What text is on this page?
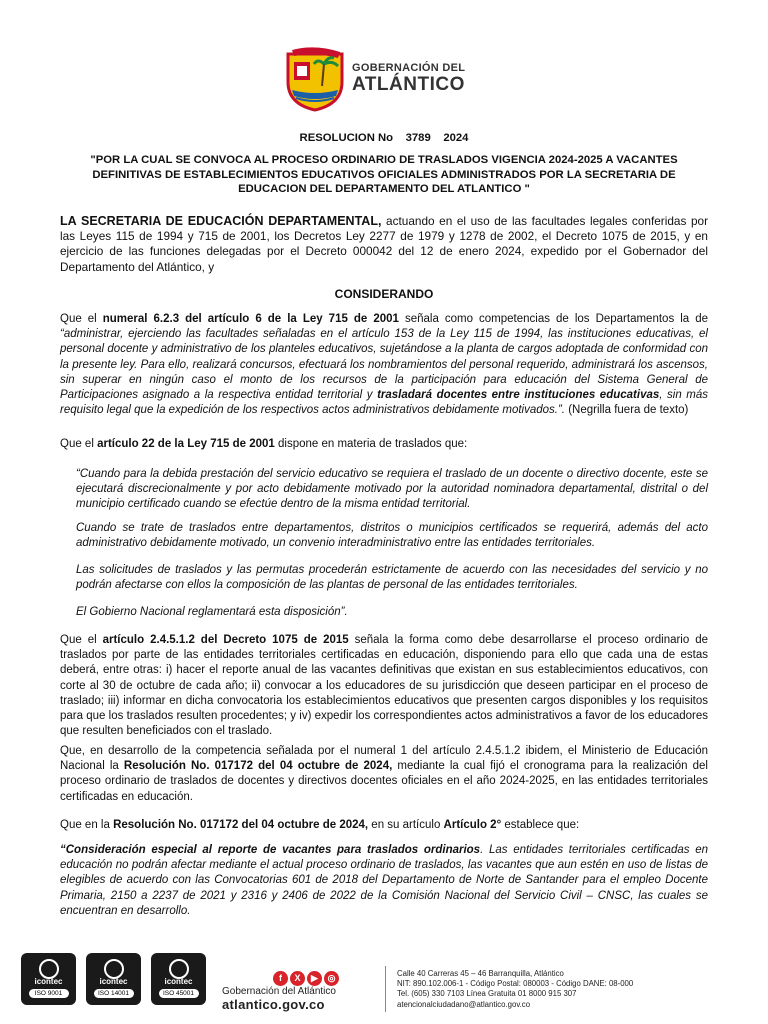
GOBERNACIÓN DEL
ATLÁNTICO
RESOLUCION No 3789 2024
"POR LA CUAL SE CONVOCA AL PROCESO ORDINARIO DE TRASLADOS VIGENCIA 2024-2025 A VACANTES
DEFINITIVAS DE ESTABLECIMIENTOS EDUCATIVOS OFICIALES ADMINISTRADOS POR LA SECRETARIA DE
EDUCACION DEL DEPARTAMENTO DEL ATLANTICO "
LA SECRETARIA DE EDUCACIÓN DEPARTAMENTAL, actuando en el uso de las facultades legales conferidas por las Leyes 115 de 1994 y 715 de 2001, los Decretos Ley 2277 de 1979 y 1278 de 2002, el Decreto 1075 de 2015, y en ejercicio de las funciones delegadas por el Decreto 000042 del 12 de enero 2024, expedido por el Gobernador del Departamento del Atlántico, y
CONSIDERANDO
Que el numeral 6.2.3 del artículo 6 de la Ley 715 de 2001 señala como competencias de los Departamentos la de “administrar, ejerciendo las facultades señaladas en el artículo 153 de la Ley 115 de 1994, las instituciones educativas, el personal docente y administrativo de los planteles educativos, sujetándose a la planta de cargos adoptada de conformidad con la presente ley. Para ello, realizará concursos, efectuará los nombramientos del personal requerido, administrará los ascensos, sin superar en ningún caso el monto de los recursos de la participación para educación del Sistema General de Participaciones asignado a la respectiva entidad territorial y trasladará docentes entre instituciones educativas, sin más requisito legal que la expedición de los respectivos actos administrativos debidamente motivados.”. (Negrilla fuera de texto)
Que el artículo 22 de la Ley 715 de 2001 dispone en materia de traslados que:
“Cuando para la debida prestación del servicio educativo se requiera el traslado de un docente o directivo docente, este se ejecutará discrecionalmente y por acto debidamente motivado por la autoridad nominadora departamental, distrital o del municipio certificado cuando se efectúe dentro de la misma entidad territorial.
Cuando se trate de traslados entre departamentos, distritos o municipios certificados se requerirá, además del acto administrativo debidamente motivado, un convenio interadministrativo entre las entidades territoriales.
Las solicitudes de traslados y las permutas procederán estrictamente de acuerdo con las necesidades del servicio y no podrán afectarse con ellos la composición de las plantas de personal de las entidades territoriales.
El Gobierno Nacional reglamentará esta disposición”.
Que el artículo 2.4.5.1.2 del Decreto 1075 de 2015 señala la forma como debe desarrollarse el proceso ordinario de traslados por parte de las entidades territoriales certificadas en educación, disponiendo para ello que cada una de estas deberá, entre otras: i) hacer el reporte anual de las vacantes definitivas que existan en sus establecimientos educativos, con corte al 30 de octubre de cada año; ii) convocar a los educadores de su jurisdicción que deseen participar en el proceso de traslado; iii) informar en dicha convocatoria los establecimientos educativos que presenten cargos disponibles y los requisitos para que los traslados resulten procedentes; y iv) expedir los correspondientes actos administrativos a favor de los educadores que resulten beneficiados con el traslado.
Que, en desarrollo de la competencia señalada por el numeral 1 del artículo 2.4.5.1.2 ibidem, el Ministerio de Educación Nacional la Resolución No. 017172 del 04 octubre de 2024, mediante la cual fijó el cronograma para la realización del proceso ordinario de traslados de docentes y directivos docentes oficiales en el año 2024-2025, en las entidades territoriales certificadas en educación.
Que en la Resolución No. 017172 del 04 octubre de 2024, en su artículo Artículo 2° establece que:
“Consideración especial al reporte de vacantes para traslados ordinarios. Las entidades territoriales certificadas en educación no podrán afectar mediante el actual proceso ordinario de traslados, las vacantes que aun estén en uso de listas de elegibles de acuerdo con las Convocatorias 601 de 2018 del Departamento de Norte de Santander para el empleo Docente Primaria, 2150 a 2237 de 2021 y 2316 y 2406 de 2022 de la Comisión Nacional del Servicio Civil – CNSC, las cuales se encuentran en desarrollo.
icontec
ISO 9001
icontec
ISO 14001
icontec
ISO 45001
f X ▶ ◎
Gobernación del Atlántico
atlantico.gov.co
Calle 40 Carreras 45 – 46 Barranquilla, Atlántico
NIT: 890.102.006-1 - Código Postal: 080003 - Código DANE: 08-000
Tel. (605) 330 7103 Línea Gratuita 01 8000 915 307
atencionalciudadano@atlantico.gov.co
